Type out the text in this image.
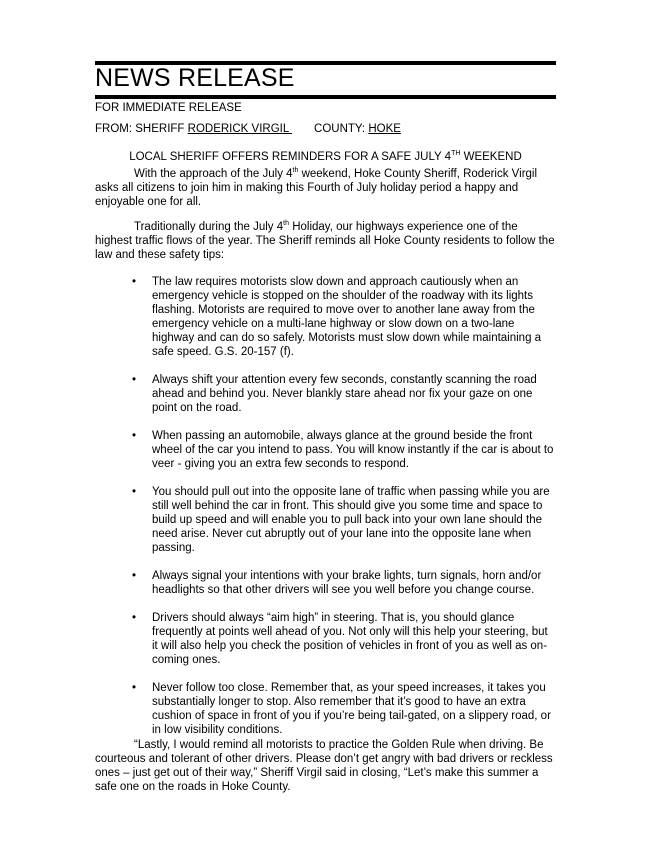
NEWS RELEASE
FOR IMMEDIATE RELEASE
FROM: SHERIFF RODERICK VIRGIL COUNTY: HOKE
LOCAL SHERIFF OFFERS REMINDERS FOR A SAFE JULY 4TH WEEKEND

With the approach of the July 4th weekend, Hoke County Sheriff, Roderick Virgil asks all citizens to join him in making this Fourth of July holiday period a happy and enjoyable one for all.

Traditionally during the July 4th Holiday, our highways experience one of the highest traffic flows of the year. The Sheriff reminds all Hoke County residents to follow the law and these safety tips:

• The law requires motorists slow down and approach cautiously when an emergency vehicle is stopped on the shoulder of the roadway with its lights flashing. Motorists are required to move over to another lane away from the emergency vehicle on a multi-lane highway or slow down on a two-lane highway and can do so safely. Motorists must slow down while maintaining a safe speed. G.S. 20-157 (f).
• Always shift your attention every few seconds, constantly scanning the road ahead and behind you. Never blankly stare ahead nor fix your gaze on one point on the road.
• When passing an automobile, always glance at the ground beside the front wheel of the car you intend to pass. You will know instantly if the car is about to veer - giving you an extra few seconds to respond.
• You should pull out into the opposite lane of traffic when passing while you are still well behind the car in front. This should give you some time and space to build up speed and will enable you to pull back into your own lane should the need arise. Never cut abruptly out of your lane into the opposite lane when passing.
• Always signal your intentions with your brake lights, turn signals, horn and/or headlights so that other drivers will see you well before you change course.
• Drivers should always “aim high” in steering. That is, you should glance frequently at points well ahead of you. Not only will this help your steering, but it will also help you check the position of vehicles in front of you as well as on-coming ones.
• Never follow too close. Remember that, as your speed increases, it takes you substantially longer to stop. Also remember that it’s good to have an extra cushion of space in front of you if you’re being tail-gated, on a slippery road, or in low visibility conditions.

“Lastly, I would remind all motorists to practice the Golden Rule when driving. Be courteous and tolerant of other drivers. Please don’t get angry with bad drivers or reckless ones – just get out of their way,” Sheriff Virgil said in closing, “Let’s make this summer a safe one on the roads in Hoke County.
